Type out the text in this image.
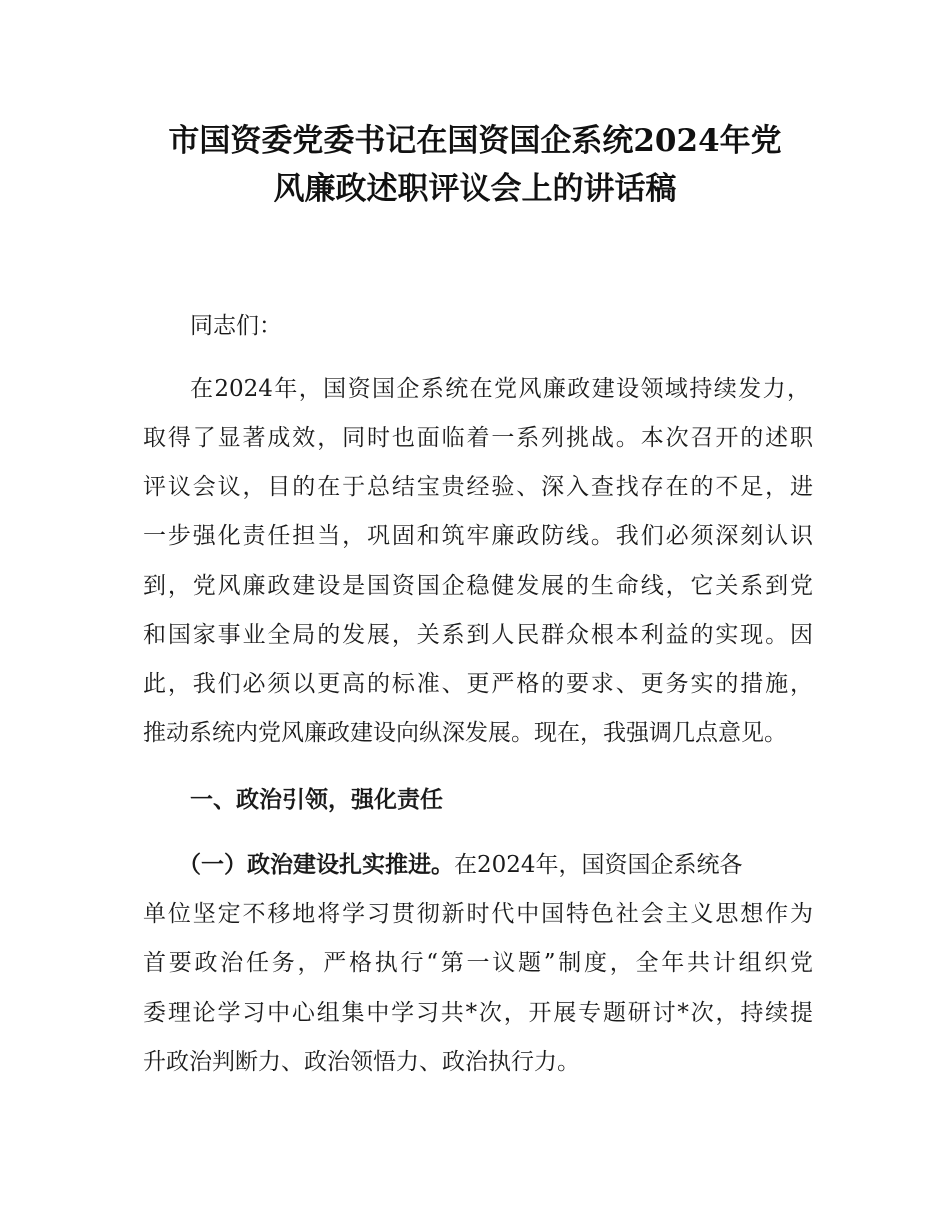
市国资委党委书记在国资国企系统2024年党
风廉政述职评议会上的讲话稿
同志们：
在2024年，国资国企系统在党风廉政建设领域持续发力，
取得了显著成效，同时也面临着一系列挑战。本次召开的述职
评议会议，目的在于总结宝贵经验、深入查找存在的不足，进
一步强化责任担当，巩固和筑牢廉政防线。我们必须深刻认识
到，党风廉政建设是国资国企稳健发展的生命线，它关系到党
和国家事业全局的发展，关系到人民群众根本利益的实现。因
此，我们必须以更高的标准、更严格的要求、更务实的措施，
推动系统内党风廉政建设向纵深发展。现在，我强调几点意见。
一、政治引领，强化责任
（一）政治建设扎实推进。在2024年，国资国企系统各
单位坚定不移地将学习贯彻新时代中国特色社会主义思想作为
首要政治任务，严格执行“第一议题”制度，全年共计组织党
委理论学习中心组集中学习共*次，开展专题研讨*次，持续提
升政治判断力、政治领悟力、政治执行力。
